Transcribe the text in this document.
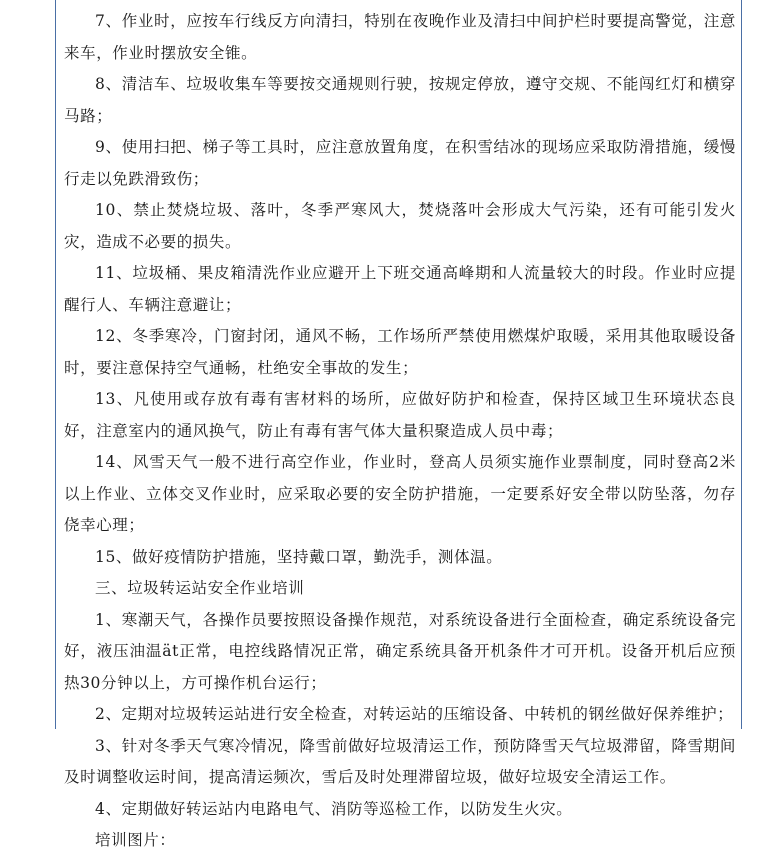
7、作业时，应按车行线反方向清扫，特别在夜晚作业及清扫中间护栏时要提高警觉，注意来车，作业时摆放安全锥。

8、清洁车、垃圾收集车等要按交通规则行驶，按规定停放，遵守交规、不能闯红灯和横穿马路；

9、使用扫把、梯子等工具时，应注意放置角度，在积雪结冰的现场应采取防滑措施，缓慢行走以免跌滑致伤；

10、禁止焚烧垃圾、落叶，冬季严寒风大，焚烧落叶会形成大气污染，还有可能引发火灾，造成不必要的损失。

11、垃圾桶、果皮箱清洗作业应避开上下班交通高峰期和人流量较大的时段。作业时应提醒行人、车辆注意避让；

12、冬季寒冷，门窗封闭，通风不畅，工作场所严禁使用燃煤炉取暖，采用其他取暖设备时，要注意保持空气通畅，杜绝安全事故的发生；

13、凡使用或存放有毒有害材料的场所，应做好防护和检查，保持区域卫生环境状态良好，注意室内的通风换气，防止有毒有害气体大量积聚造成人员中毒；

14、风雪天气一般不进行高空作业，作业时，登高人员须实施作业票制度，同时登高2米以上作业、立体交叉作业时，应采取必要的安全防护措施，一定要系好安全带以防坠落，勿存侥幸心理；

15、做好疫情防护措施，坚持戴口罩，勤洗手，测体温。

三、垃圾转运站安全作业培训

1、寒潮天气，各操作员要按照设备操作规范，对系统设备进行全面检查，确定系统设备完好，液压油温ät正常，电控线路情况正常，确定系统具备开机条件才可开机。设备开机后应预热30分钟以上，方可操作机台运行；

2、定期对垃圾转运站进行安全检查，对转运站的压缩设备、中转机的钢丝做好保养维护；

3、针对冬季天气寒冷情况，降雪前做好垃圾清运工作，预防降雪天气垃圾滞留，降雪期间及时调整收运时间，提高清运频次，雪后及时处理滞留垃圾，做好垃圾安全清运工作。

4、定期做好转运站内电路电气、消防等巡检工作，以防发生火灾。

培训图片：
